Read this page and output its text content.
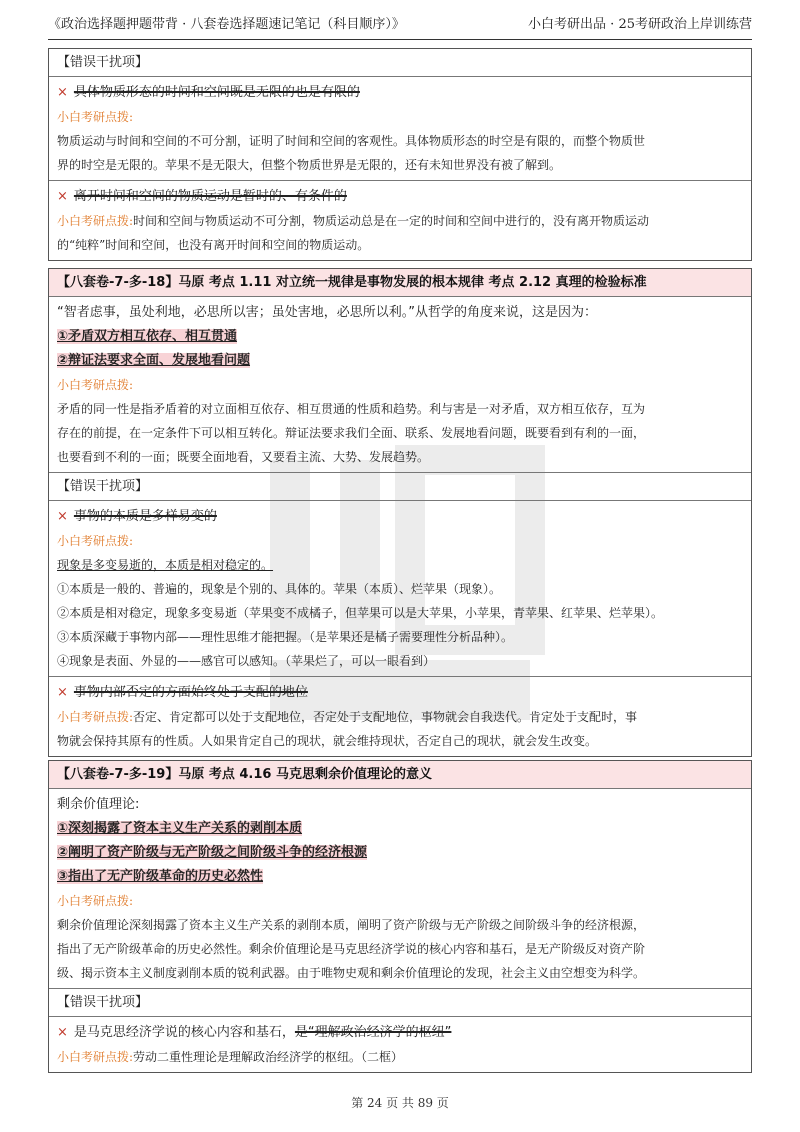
《政治选择题押题带背 · 八套卷选择题速记笔记（科目顺序）》	小白考研出品 · 25考研政治上岸训练营
【错误干扰项】
× 具体物质形态的时间和空间既是无限的也是有限的
小白考研点拨:
物质运动与时间和空间的不可分割，证明了时间和空间的客观性。具体物质形态的时空是有限的，而整个物质世
界的时空是无限的。苹果不是无限大，但整个物质世界是无限的，还有未知世界没有被了解到。
× 离开时间和空间的物质运动是暂时的、有条件的
小白考研点拨:时间和空间与物质运动不可分割，物质运动总是在一定的时间和空间中进行的，没有离开物质运动
的“纯粹”时间和空间，也没有离开时间和空间的物质运动。
【八套卷-7-多-18】马原 考点 1.11 对立统一规律是事物发展的根本规律 考点 2.12 真理的检验标准
“智者虑事，虽处利地，必思所以害；虽处害地，必思所以利。”从哲学的角度来说，这是因为：
①矛盾双方相互依存、相互贯通
②辩证法要求全面、发展地看问题
小白考研点拨:
矛盾的同一性是指矛盾着的对立面相互依存、相互贯通的性质和趋势。利与害是一对矛盾，双方相互依存，互为
存在的前提，在一定条件下可以相互转化。辩证法要求我们全面、联系、发展地看问题，既要看到有利的一面，
也要看到不利的一面；既要全面地看，又要看主流、大势、发展趋势。
【错误干扰项】
× 事物的本质是多样易变的
小白考研点拨:
现象是多变易逝的，本质是相对稳定的。
①本质是一般的、普遍的，现象是个别的、具体的。苹果（本质）、烂苹果（现象）。
②本质是相对稳定，现象多变易逝（苹果变不成橘子，但苹果可以是大苹果，小苹果，青苹果、红苹果、烂苹果）。
③本质深藏于事物内部——理性思维才能把握。（是苹果还是橘子需要理性分析品种）。
④现象是表面、外显的——感官可以感知。（苹果烂了，可以一眼看到）
× 事物内部否定的方面始终处于支配的地位
小白考研点拨:否定、肯定都可以处于支配地位，否定处于支配地位，事物就会自我迭代。肯定处于支配时，事
物就会保持其原有的性质。人如果肯定自己的现状，就会维持现状，否定自己的现状，就会发生改变。
【八套卷-7-多-19】马原 考点 4.16 马克思剩余价值理论的意义
剩余价值理论:
①深刻揭露了资本主义生产关系的剥削本质
②阐明了资产阶级与无产阶级之间阶级斗争的经济根源
③指出了无产阶级革命的历史必然性
小白考研点拨:
剩余价值理论深刻揭露了资本主义生产关系的剥削本质，阐明了资产阶级与无产阶级之间阶级斗争的经济根源，
指出了无产阶级革命的历史必然性。剩余价值理论是马克思经济学说的核心内容和基石，是无产阶级反对资产阶
级、揭示资本主义制度剥削本质的锐利武器。由于唯物史观和剩余价值理论的发现，社会主义由空想变为科学。
【错误干扰项】
× 是马克思经济学说的核心内容和基石，是“理解政治经济学的枢纽”
小白考研点拨:劳动二重性理论是理解政治经济学的枢纽。（二框）
第 24 页 共 89 页
